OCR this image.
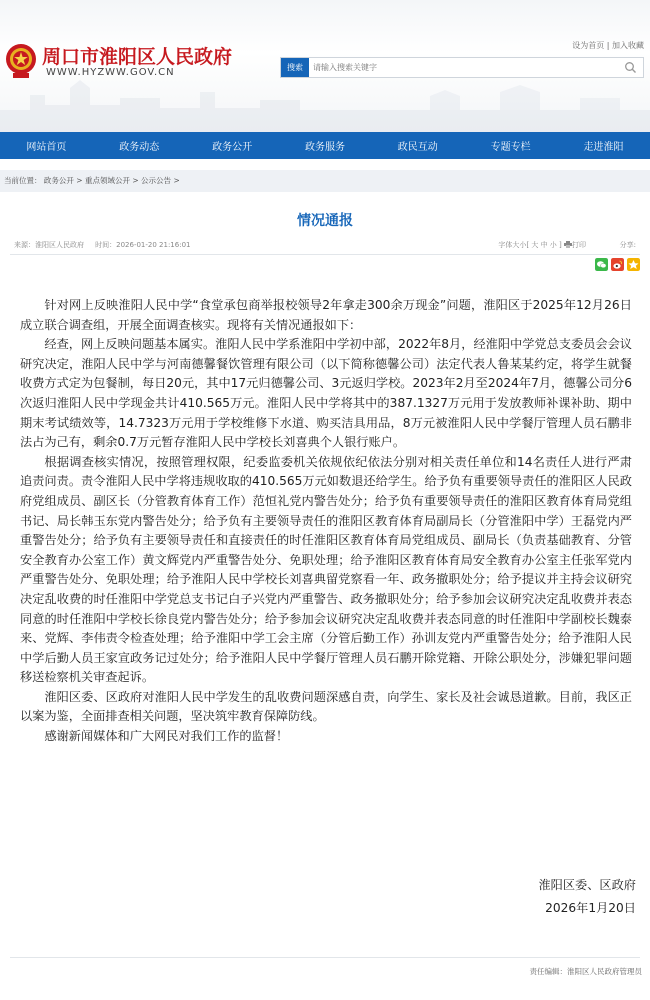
设为首页 | 加入收藏
周口市淮阳区人民政府
WWW.HYZWW.GOV.CN	搜索
请输入搜索关键字
网站首页	政务动态	政务公开	政务服务	政民互动	专题专栏	走进淮阳
当前位置： 政务公开 > 重点领域公开 > 公示公告 >
情况通报
来源：淮阳区人民政府 时间：2026-01-20 21:16:01	字体大小[ 大 中 小 ] 打印	分享:

针对网上反映淮阳人民中学“食堂承包商举报校领导2年拿走300余万现金”问题，淮阳区于2025年12月26日成立联合调查组，开展全面调查核实。现将有关情况通报如下：

经查，网上反映问题基本属实。淮阳人民中学系淮阳中学初中部，2022年8月，经淮阳中学党总支委员会会议研究决定，淮阳人民中学与河南德馨餐饮管理有限公司（以下简称德馨公司）法定代表人鲁某某约定，将学生就餐收费方式定为包餐制，每日20元，其中17元归德馨公司、3元返归学校。2023年2月至2024年7月，德馨公司分6次返归淮阳人民中学现金共计410.565万元。淮阳人民中学将其中的387.1327万元用于发放教师补课补助、期中期末考试绩效等，14.7323万元用于学校维修下水道、购买洁具用品，8万元被淮阳人民中学餐厅管理人员石鹏非法占为己有，剩余0.7万元暂存淮阳人民中学校长刘喜典个人银行账户。

根据调查核实情况，按照管理权限，纪委监委机关依规依纪依法分别对相关责任单位和14名责任人进行严肃追责问责。责令淮阳人民中学将违规收取的410.565万元如数退还给学生。给予负有重要领导责任的淮阳区人民政府党组成员、副区长（分管教育体育工作）范恒礼党内警告处分；给予负有重要领导责任的淮阳区教育体育局党组书记、局长韩玉东党内警告处分；给予负有主要领导责任的淮阳区教育体育局副局长（分管淮阳中学）王磊党内严重警告处分；给予负有主要领导责任和直接责任的时任淮阳区教育体育局党组成员、副局长（负责基础教育、分管安全教育办公室工作）黄文辉党内严重警告处分、免职处理；给予淮阳区教育体育局安全教育办公室主任张军党内严重警告处分、免职处理；给予淮阳人民中学校长刘喜典留党察看一年、政务撤职处分；给予提议并主持会议研究决定乱收费的时任淮阳中学党总支书记白子兴党内严重警告、政务撤职处分；给予参加会议研究决定乱收费并表态同意的时任淮阳中学校长徐良党内警告处分；给予参加会议研究决定乱收费并表态同意的时任淮阳中学副校长魏泰来、党辉、李伟责令检查处理；给予淮阳中学工会主席（分管后勤工作）孙训友党内严重警告处分；给予淮阳人民中学后勤人员王家宣政务记过处分；给予淮阳人民中学餐厅管理人员石鹏开除党籍、开除公职处分，涉嫌犯罪问题移送检察机关审查起诉。

淮阳区委、区政府对淮阳人民中学发生的乱收费问题深感自责，向学生、家长及社会诚恳道歉。目前，我区正以案为鉴，全面排查相关问题，坚决筑牢教育保障防线。

感谢新闻媒体和广大网民对我们工作的监督！

淮阳区委、区政府
2026年1月20日
责任编辑：淮阳区人民政府管理员
